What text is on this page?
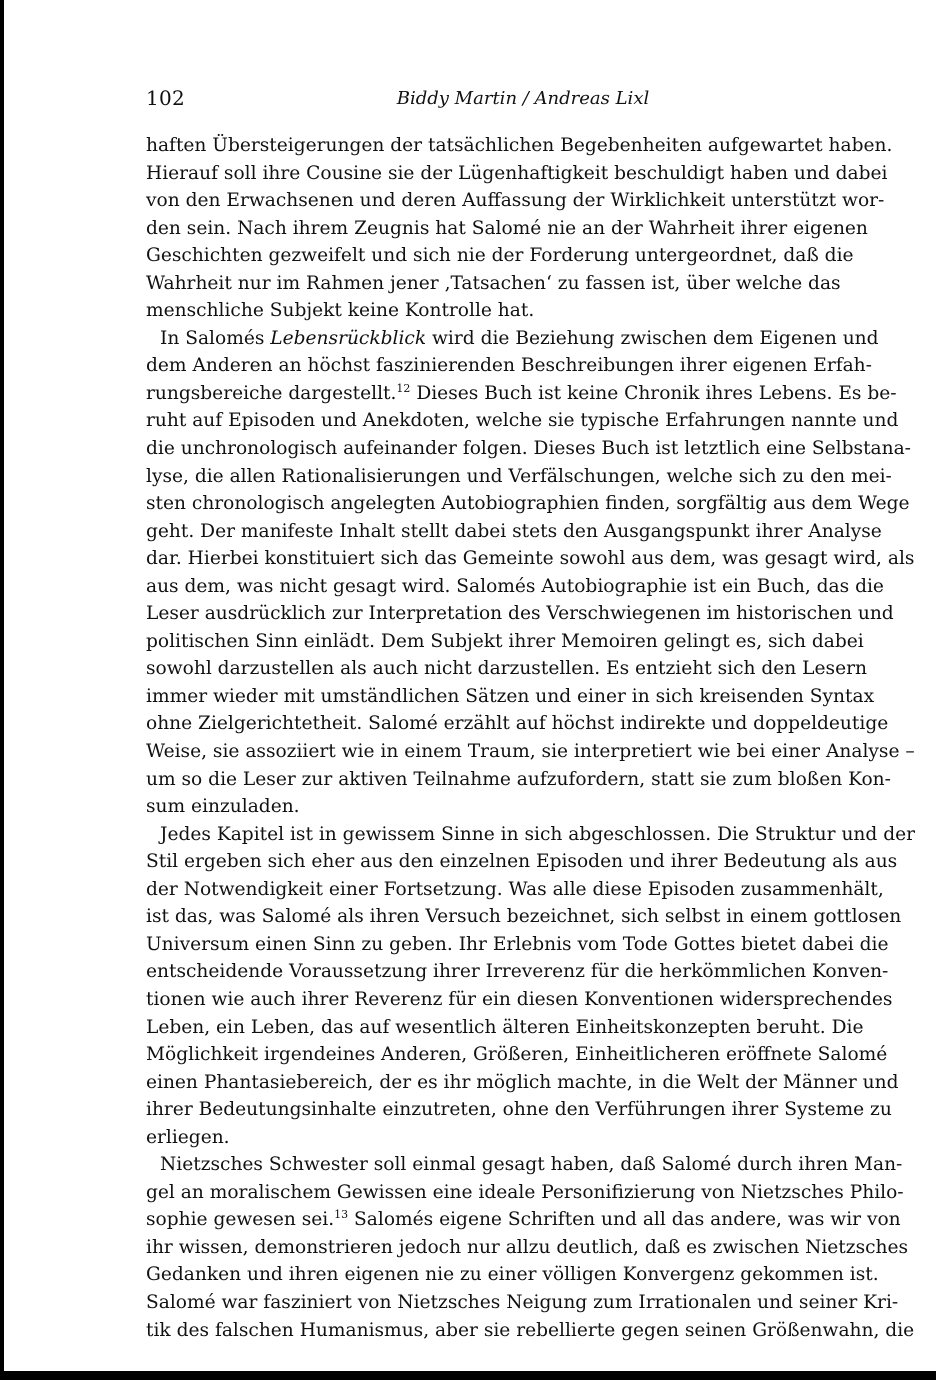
102	Biddy Martin / Andreas Lixl
haften Übersteigerungen der tatsächlichen Begebenheiten aufgewartet haben.
Hierauf soll ihre Cousine sie der Lügenhaftigkeit beschuldigt haben und dabei
von den Erwachsenen und deren Auffassung der Wirklichkeit unterstützt wor-
den sein. Nach ihrem Zeugnis hat Salomé nie an der Wahrheit ihrer eigenen
Geschichten gezweifelt und sich nie der Forderung untergeordnet, daß die
Wahrheit nur im Rahmen jener ‚Tatsachen‘ zu fassen ist, über welche das
menschliche Subjekt keine Kontrolle hat.
In Salomés Lebensrückblick wird die Beziehung zwischen dem Eigenen und
dem Anderen an höchst faszinierenden Beschreibungen ihrer eigenen Erfah-
rungsbereiche dargestellt.$^{12}$ Dieses Buch ist keine Chronik ihres Lebens. Es be-
ruht auf Episoden und Anekdoten, welche sie typische Erfahrungen nannte und
die unchronologisch aufeinander folgen. Dieses Buch ist letztlich eine Selbstana-
lyse, die allen Rationalisierungen und Verfälschungen, welche sich zu den mei-
sten chronologisch angelegten Autobiographien finden, sorgfältig aus dem Wege
geht. Der manifeste Inhalt stellt dabei stets den Ausgangspunkt ihrer Analyse
dar. Hierbei konstituiert sich das Gemeinte sowohl aus dem, was gesagt wird, als
aus dem, was nicht gesagt wird. Salomés Autobiographie ist ein Buch, das die
Leser ausdrücklich zur Interpretation des Verschwiegenen im historischen und
politischen Sinn einlädt. Dem Subjekt ihrer Memoiren gelingt es, sich dabei
sowohl darzustellen als auch nicht darzustellen. Es entzieht sich den Lesern
immer wieder mit umständlichen Sätzen und einer in sich kreisenden Syntax
ohne Zielgerichtetheit. Salomé erzählt auf höchst indirekte und doppeldeutige
Weise, sie assoziiert wie in einem Traum, sie interpretiert wie bei einer Analyse –
um so die Leser zur aktiven Teilnahme aufzufordern, statt sie zum bloßen Kon-
sum einzuladen.
Jedes Kapitel ist in gewissem Sinne in sich abgeschlossen. Die Struktur und der
Stil ergeben sich eher aus den einzelnen Episoden und ihrer Bedeutung als aus
der Notwendigkeit einer Fortsetzung. Was alle diese Episoden zusammenhält,
ist das, was Salomé als ihren Versuch bezeichnet, sich selbst in einem gottlosen
Universum einen Sinn zu geben. Ihr Erlebnis vom Tode Gottes bietet dabei die
entscheidende Voraussetzung ihrer Irreverenz für die herkömmlichen Konven-
tionen wie auch ihrer Reverenz für ein diesen Konventionen widersprechendes
Leben, ein Leben, das auf wesentlich älteren Einheitskonzepten beruht. Die
Möglichkeit irgendeines Anderen, Größeren, Einheitlicheren eröffnete Salomé
einen Phantasiebereich, der es ihr möglich machte, in die Welt der Männer und
ihrer Bedeutungsinhalte einzutreten, ohne den Verführungen ihrer Systeme zu
erliegen.
Nietzsches Schwester soll einmal gesagt haben, daß Salomé durch ihren Man-
gel an moralischem Gewissen eine ideale Personifizierung von Nietzsches Philo-
sophie gewesen sei.$^{13}$ Salomés eigene Schriften und all das andere, was wir von
ihr wissen, demonstrieren jedoch nur allzu deutlich, daß es zwischen Nietzsches
Gedanken und ihren eigenen nie zu einer völligen Konvergenz gekommen ist.
Salomé war fasziniert von Nietzsches Neigung zum Irrationalen und seiner Kri-
tik des falschen Humanismus, aber sie rebellierte gegen seinen Größenwahn, die
